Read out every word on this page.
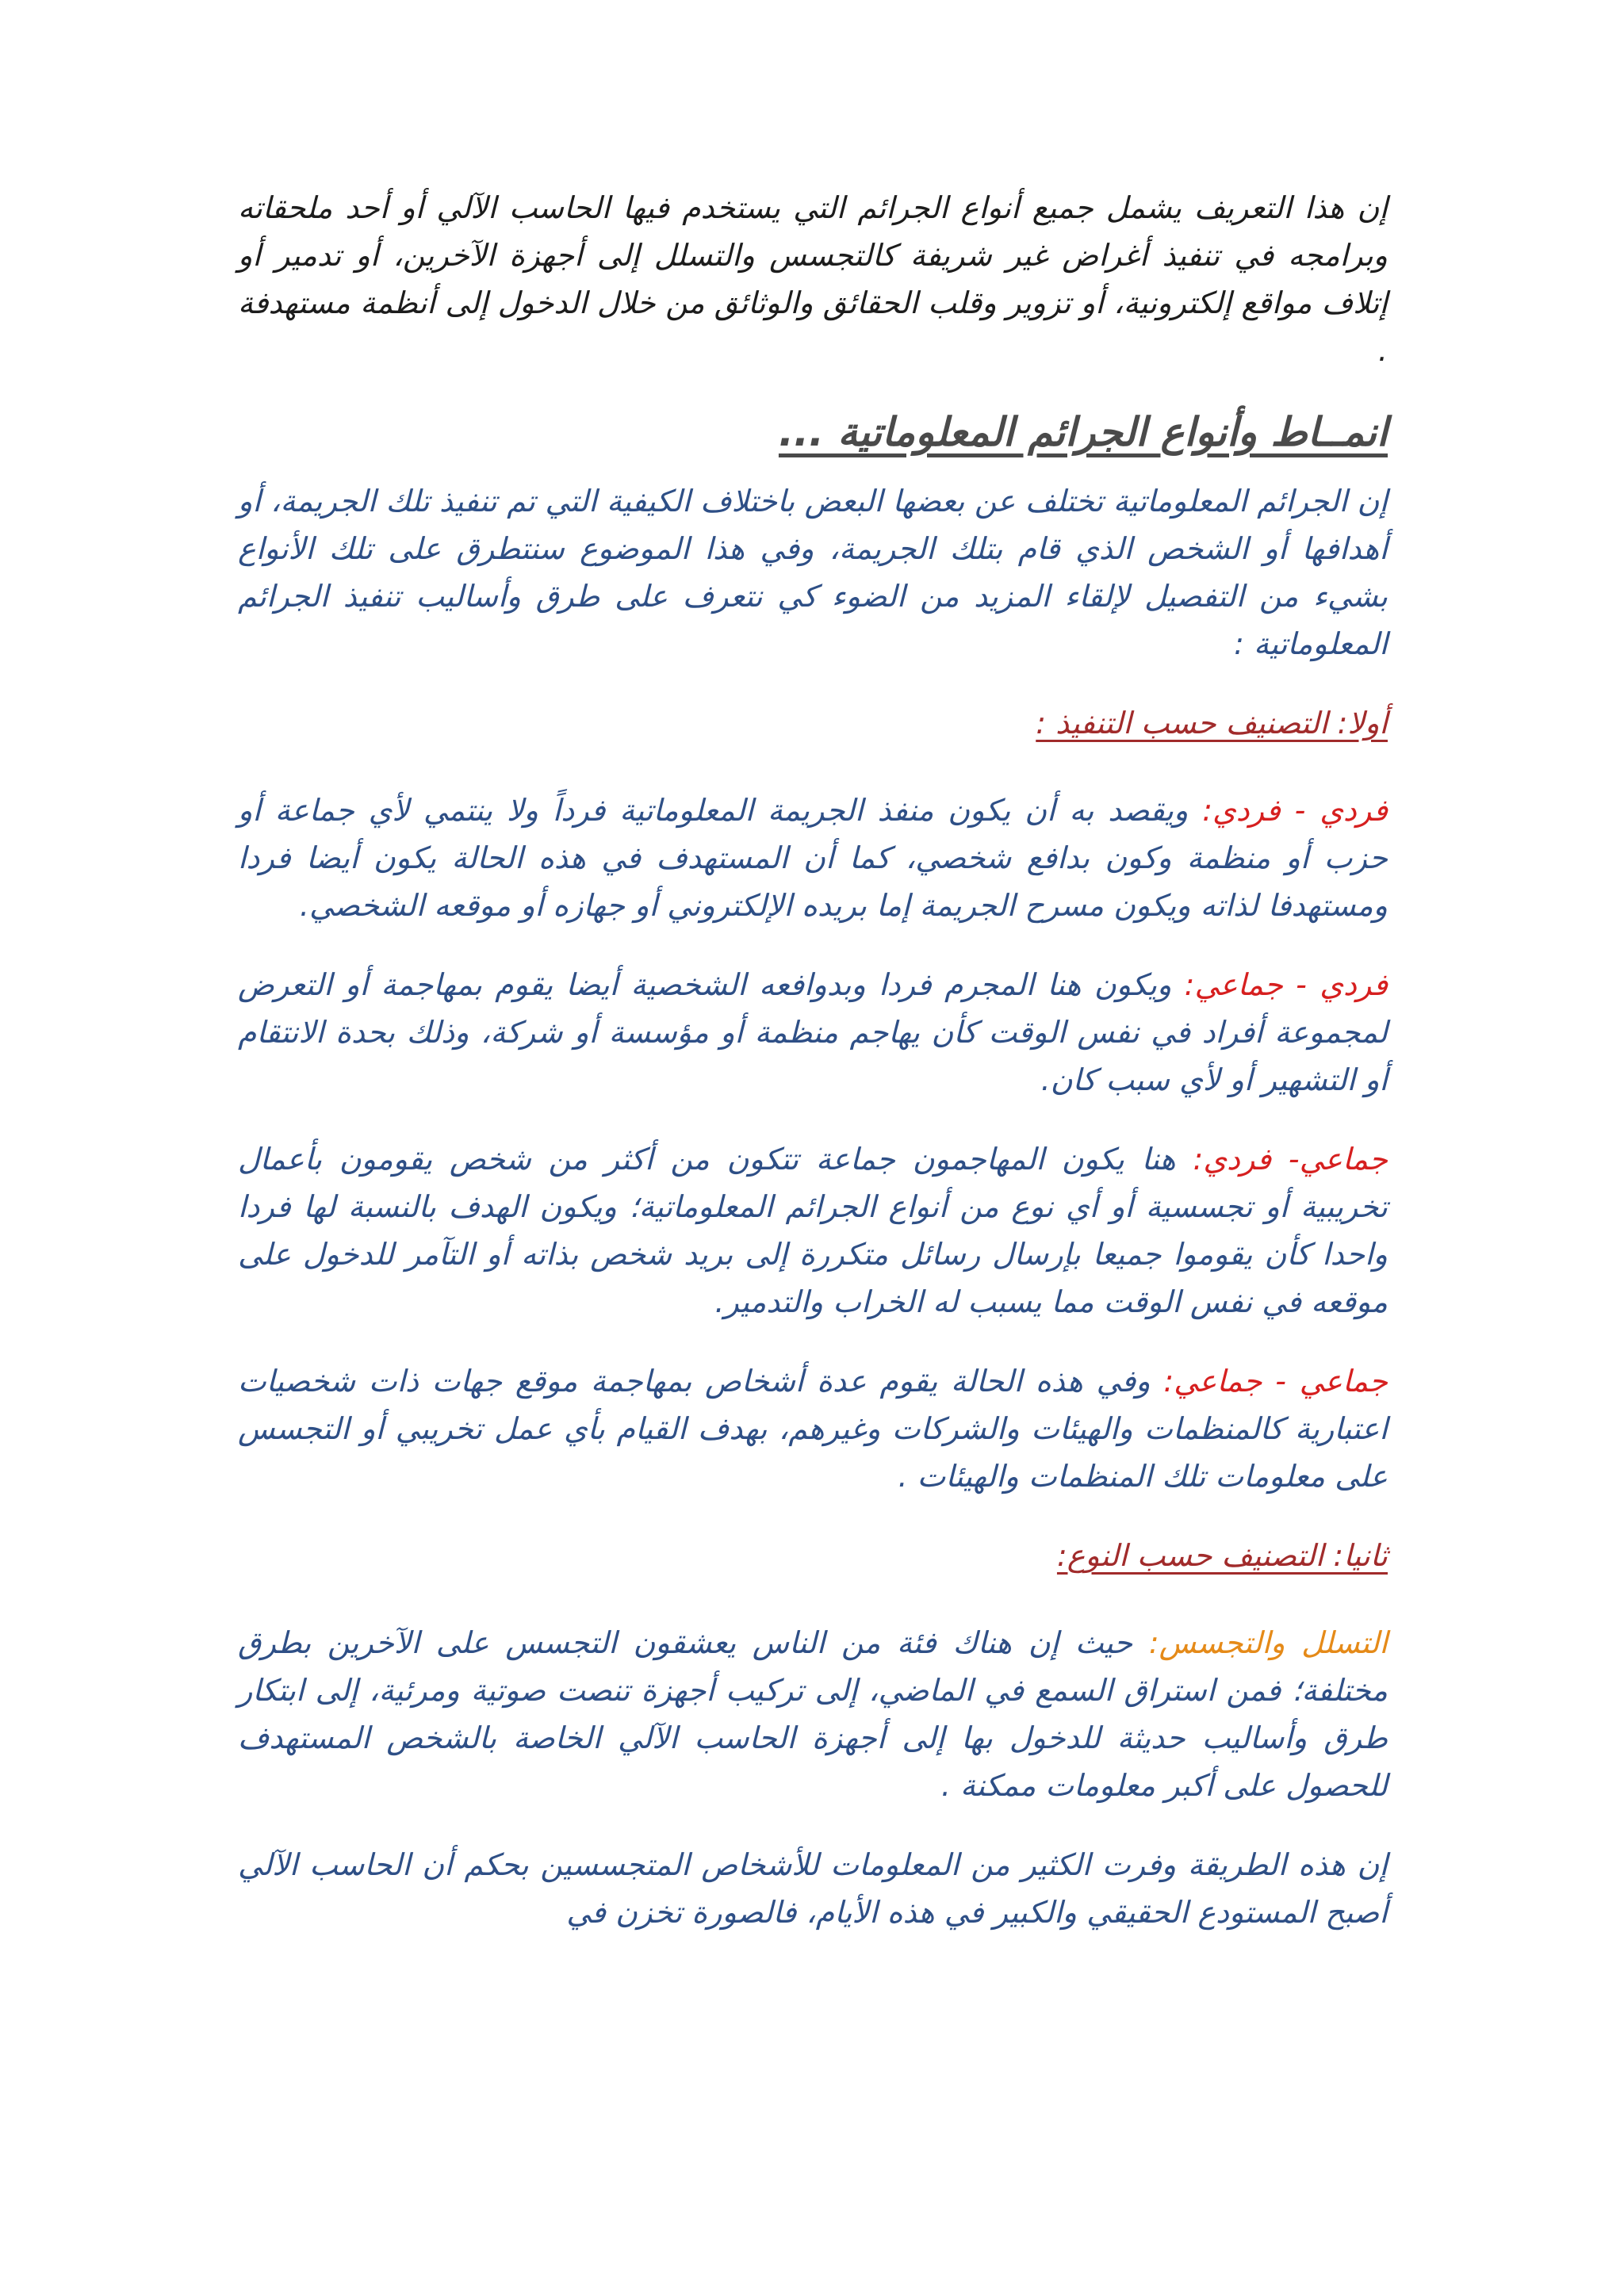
إن هذا التعريف يشمل جميع أنواع الجرائم التي يستخدم فيها الحاسب الآلي أو أحد ملحقاته وبرامجه في تنفيذ أغراض غير شريفة كالتجسس والتسلل إلى أجهزة الآخرين، أو تدمير أو إتلاف مواقع إلكترونية، أو تزوير وقلب الحقائق والوثائق من خلال الدخول إلى أنظمة مستهدفة .

انمــاط وأنواع الجرائم المعلوماتية ...

إن الجرائم المعلوماتية تختلف عن بعضها البعض باختلاف الكيفية التي تم تنفيذ تلك الجريمة، أو أهدافها أو الشخص الذي قام بتلك الجريمة، وفي هذا الموضوع سنتطرق على تلك الأنواع بشيء من التفصيل لإلقاء المزيد من الضوء كي نتعرف على طرق وأساليب تنفيذ الجرائم المعلوماتية :

أولا: التصنيف حسب التنفيذ :

فردي - فردي: ويقصد به أن يكون منفذ الجريمة المعلوماتية فرداً ولا ينتمي لأي جماعة أو حزب أو منظمة وكون بدافع شخصي، كما أن المستهدف في هذه الحالة يكون أيضا فردا ومستهدفا لذاته ويكون مسرح الجريمة إما بريده الإلكتروني أو جهازه أو موقعه الشخصي.

فردي - جماعي: ويكون هنا المجرم فردا وبدوافعه الشخصية أيضا يقوم بمهاجمة أو التعرض لمجموعة أفراد في نفس الوقت كأن يهاجم منظمة أو مؤسسة أو شركة، وذلك بحدة الانتقام أو التشهير أو لأي سبب كان.

جماعي- فردي: هنا يكون المهاجمون جماعة تتكون من أكثر من شخص يقومون بأعمال تخريبية أو تجسسية أو أي نوع من أنواع الجرائم المعلوماتية؛ ويكون الهدف بالنسبة لها فردا واحدا كأن يقوموا جميعا بإرسال رسائل متكررة إلى بريد شخص بذاته أو التآمر للدخول على موقعه في نفس الوقت مما يسبب له الخراب والتدمير.

جماعي - جماعي: وفي هذه الحالة يقوم عدة أشخاص بمهاجمة موقع جهات ذات شخصيات اعتبارية كالمنظمات والهيئات والشركات وغيرهم، بهدف القيام بأي عمل تخريبي أو التجسس على معلومات تلك المنظمات والهيئات .

ثانيا: التصنيف حسب النوع:

التسلل والتجسس: حيث إن هناك فئة من الناس يعشقون التجسس على الآخرين بطرق مختلفة؛ فمن استراق السمع في الماضي، إلى تركيب أجهزة تنصت صوتية ومرئية، إلى ابتكار طرق وأساليب حديثة للدخول بها إلى أجهزة الحاسب الآلي الخاصة بالشخص المستهدف للحصول على أكبر معلومات ممكنة .

إن هذه الطريقة وفرت الكثير من المعلومات للأشخاص المتجسسين بحكم أن الحاسب الآلي أصبح المستودع الحقيقي والكبير في هذه الأيام، فالصورة تخزن في
